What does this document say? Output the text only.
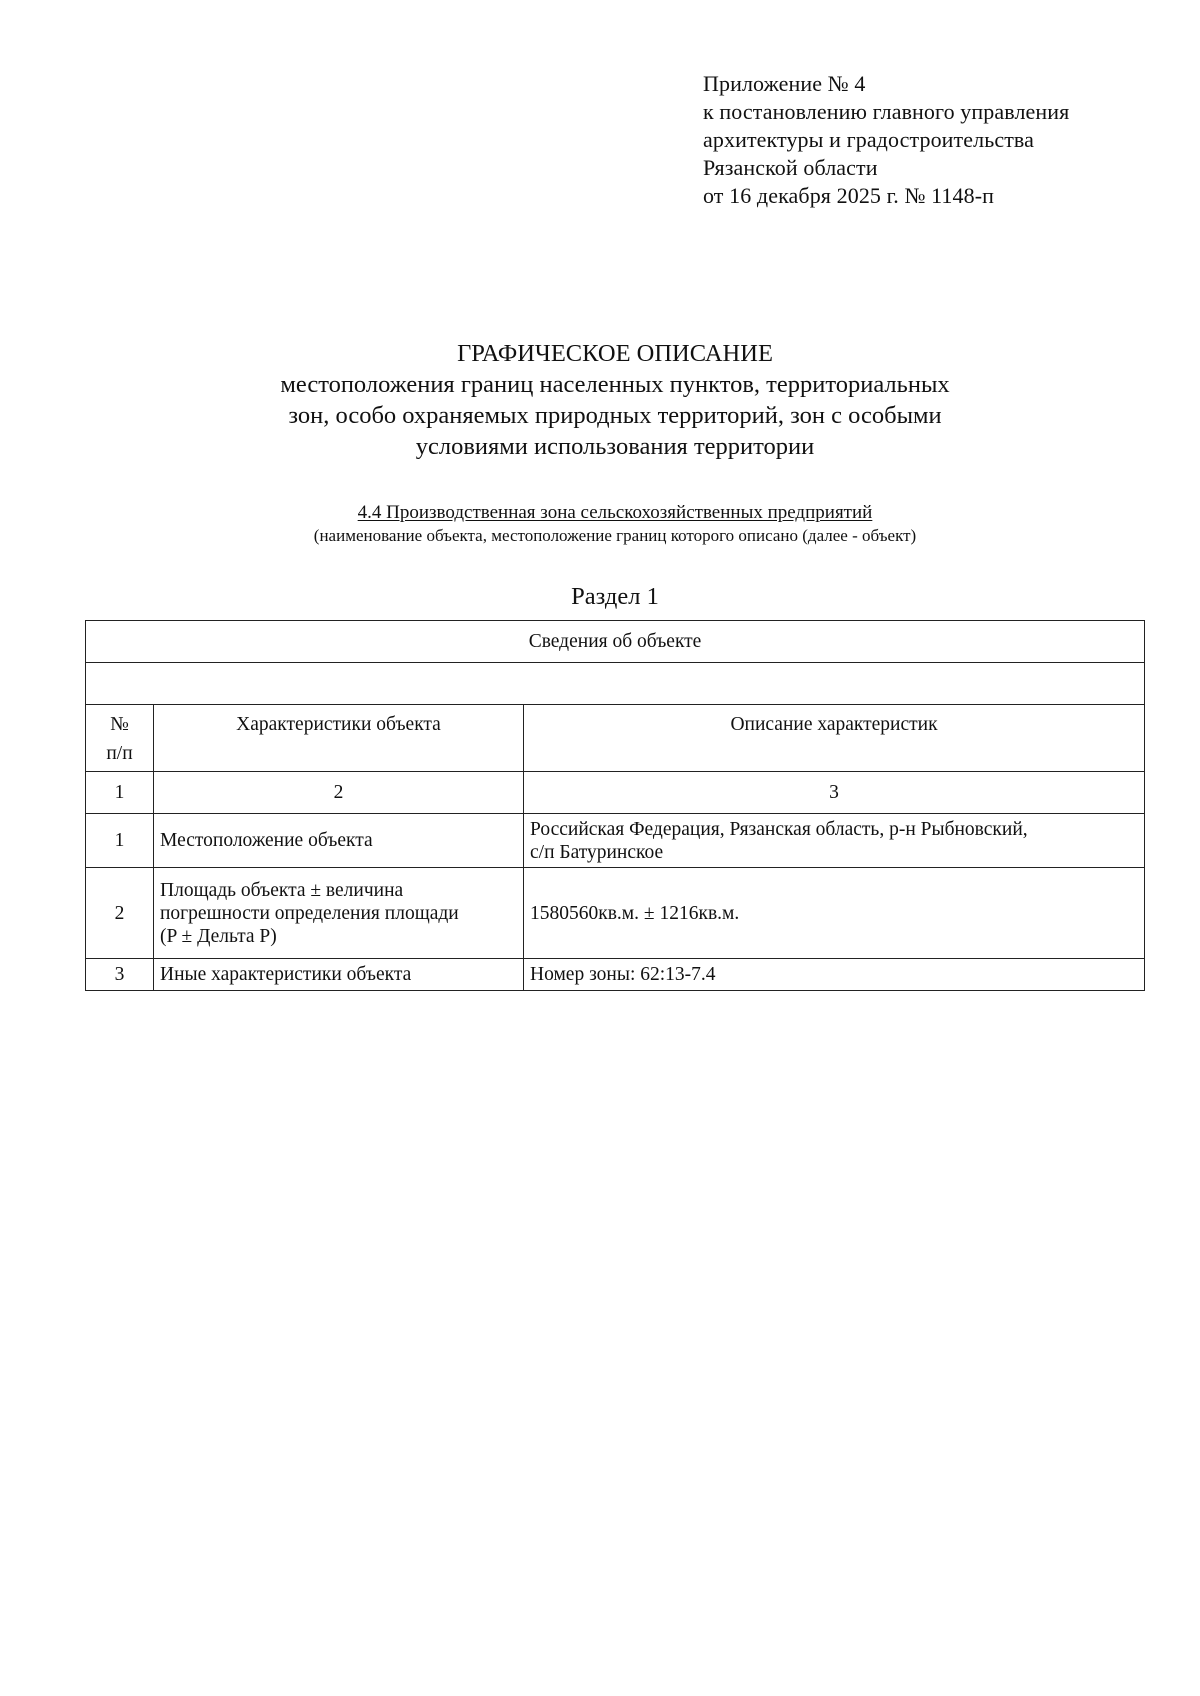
Приложение № 4
к постановлению главного управления
архитектуры и градостроительства
Рязанской области
от 16 декабря 2025 г. № 1148-п
ГРАФИЧЕСКОЕ ОПИСАНИЕ
местоположения границ населенных пунктов, территориальных
зон, особо охраняемых природных территорий, зон с особыми
условиями использования территории
4.4 Производственная зона сельскохозяйственных предприятий
(наименование объекта, местоположение границ которого описано (далее - объект)
Раздел 1
Сведения об объекте		

№
п/п	Характеристики объекта	Описание характеристик
1	2	3
1	Местоположение объекта	Российская Федерация, Рязанская область, р-н Рыбновский,
с/п Батуринское

2	Площадь объекта ± величина
погрешности определения площади
(P ± Дельта P)	1580560кв.м. ± 1216кв.м.

3	Иные характеристики объекта	Номер зоны: 62:13-7.4
